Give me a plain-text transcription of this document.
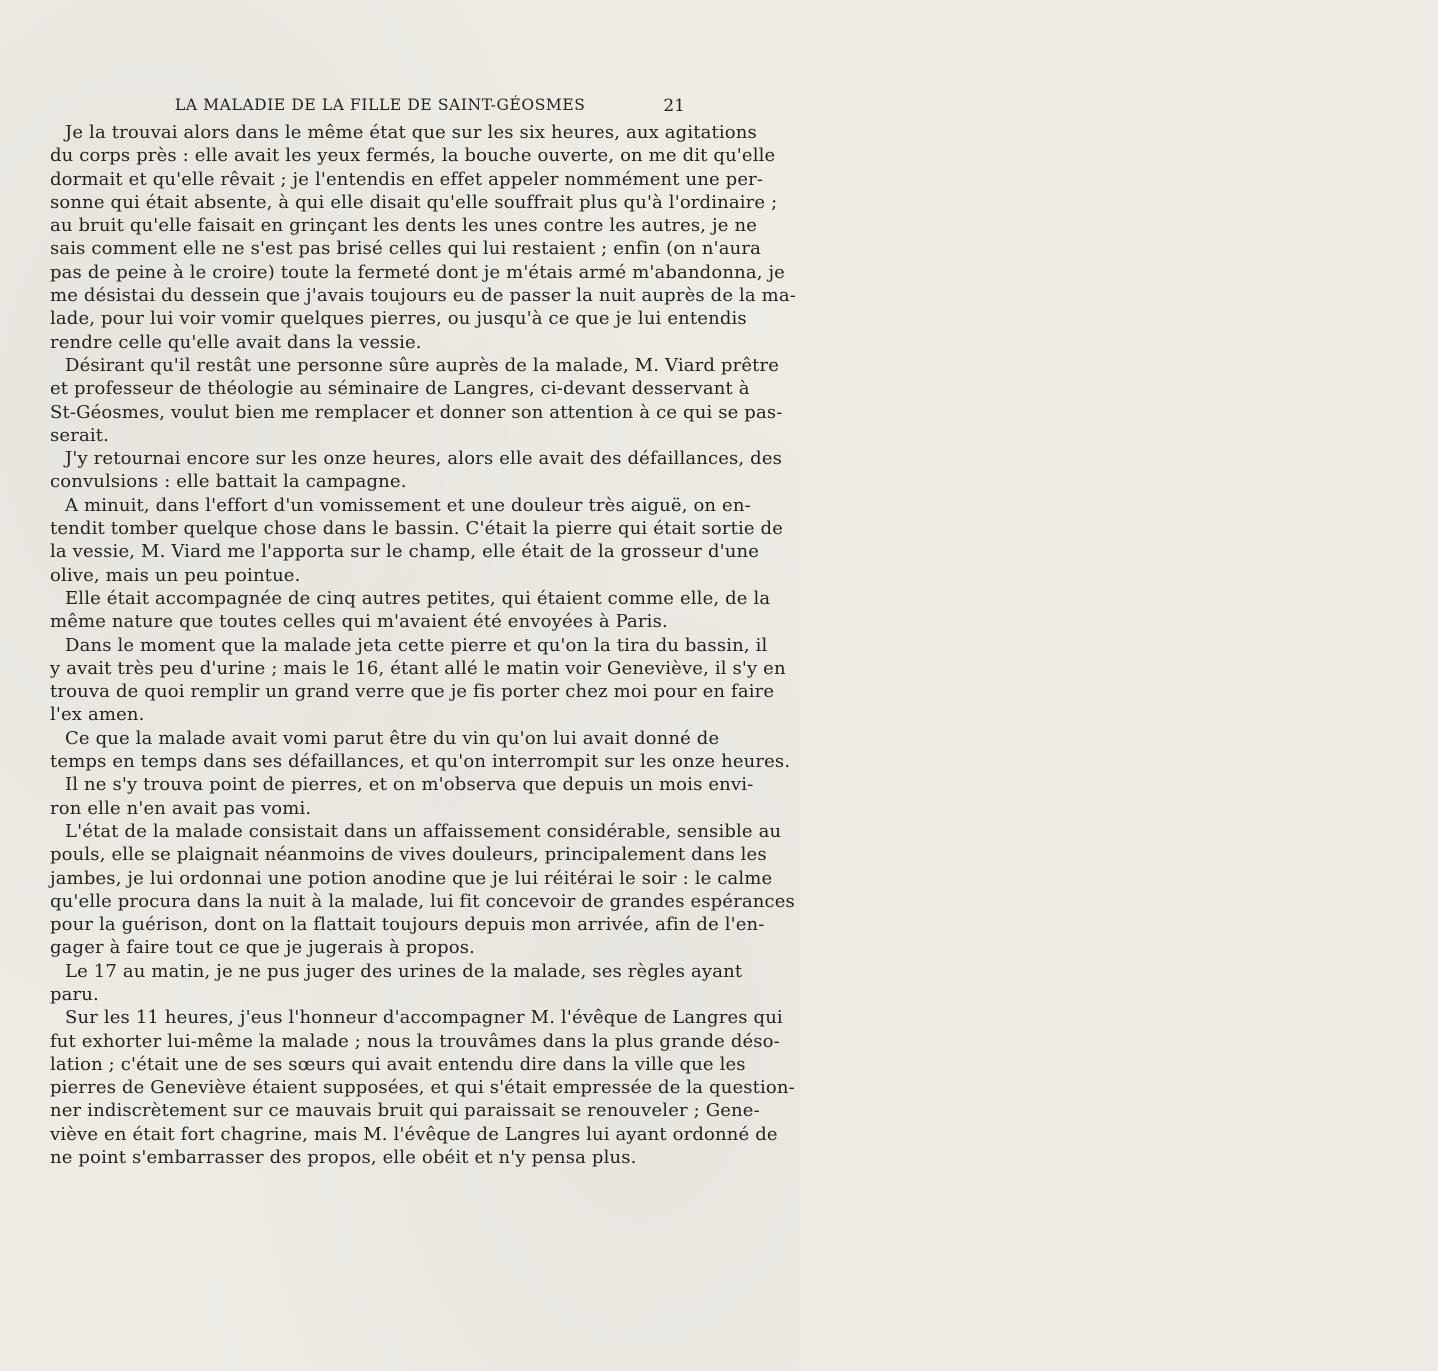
LA MALADIE DE LA FILLE DE SAINT-GÉOSMES	21

Je la trouvai alors dans le même état que sur les six heures, aux agitations
du corps près : elle avait les yeux fermés, la bouche ouverte, on me dit qu'elle
dormait et qu'elle rêvait ; je l'entendis en effet appeler nommément une per-
sonne qui était absente, à qui elle disait qu'elle souffrait plus qu'à l'ordinaire ;
au bruit qu'elle faisait en grinçant les dents les unes contre les autres, je ne
sais comment elle ne s'est pas brisé celles qui lui restaient ; enfin (on n'aura
pas de peine à le croire) toute la fermeté dont je m'étais armé m'abandonna, je
me désistai du dessein que j'avais toujours eu de passer la nuit auprès de la ma-
lade, pour lui voir vomir quelques pierres, ou jusqu'à ce que je lui entendis
rendre celle qu'elle avait dans la vessie.

Désirant qu'il restât une personne sûre auprès de la malade, M. Viard prêtre
et professeur de théologie au séminaire de Langres, ci-devant desservant à
St-Géosmes, voulut bien me remplacer et donner son attention à ce qui se pas-
serait.

J'y retournai encore sur les onze heures, alors elle avait des défaillances, des
convulsions : elle battait la campagne.

A minuit, dans l'effort d'un vomissement et une douleur très aiguë, on en-
tendit tomber quelque chose dans le bassin. C'était la pierre qui était sortie de
la vessie, M. Viard me l'apporta sur le champ, elle était de la grosseur d'une
olive, mais un peu pointue.

Elle était accompagnée de cinq autres petites, qui étaient comme elle, de la
même nature que toutes celles qui m'avaient été envoyées à Paris.

Dans le moment que la malade jeta cette pierre et qu'on la tira du bassin, il
y avait très peu d'urine ; mais le 16, étant allé le matin voir Geneviève, il s'y en
trouva de quoi remplir un grand verre que je fis porter chez moi pour en faire
l'ex amen.

Ce que la malade avait vomi parut être du vin qu'on lui avait donné de
temps en temps dans ses défaillances, et qu'on interrompit sur les onze heures.

Il ne s'y trouva point de pierres, et on m'observa que depuis un mois envi-
ron elle n'en avait pas vomi.

L'état de la malade consistait dans un affaissement considérable, sensible au
pouls, elle se plaignait néanmoins de vives douleurs, principalement dans les
jambes, je lui ordonnai une potion anodine que je lui réitérai le soir : le calme
qu'elle procura dans la nuit à la malade, lui fit concevoir de grandes espérances
pour la guérison, dont on la flattait toujours depuis mon arrivée, afin de l'en-
gager à faire tout ce que je jugerais à propos.

Le 17 au matin, je ne pus juger des urines de la malade, ses règles ayant
paru.

Sur les 11 heures, j'eus l'honneur d'accompagner M. l'évêque de Langres qui
fut exhorter lui-même la malade ; nous la trouvâmes dans la plus grande déso-
lation ; c'était une de ses sœurs qui avait entendu dire dans la ville que les
pierres de Geneviève étaient supposées, et qui s'était empressée de la question-
ner indiscrètement sur ce mauvais bruit qui paraissait se renouveler ; Gene-
viève en était fort chagrine, mais M. l'évêque de Langres lui ayant ordonné de
ne point s'embarrasser des propos, elle obéit et n'y pensa plus.
